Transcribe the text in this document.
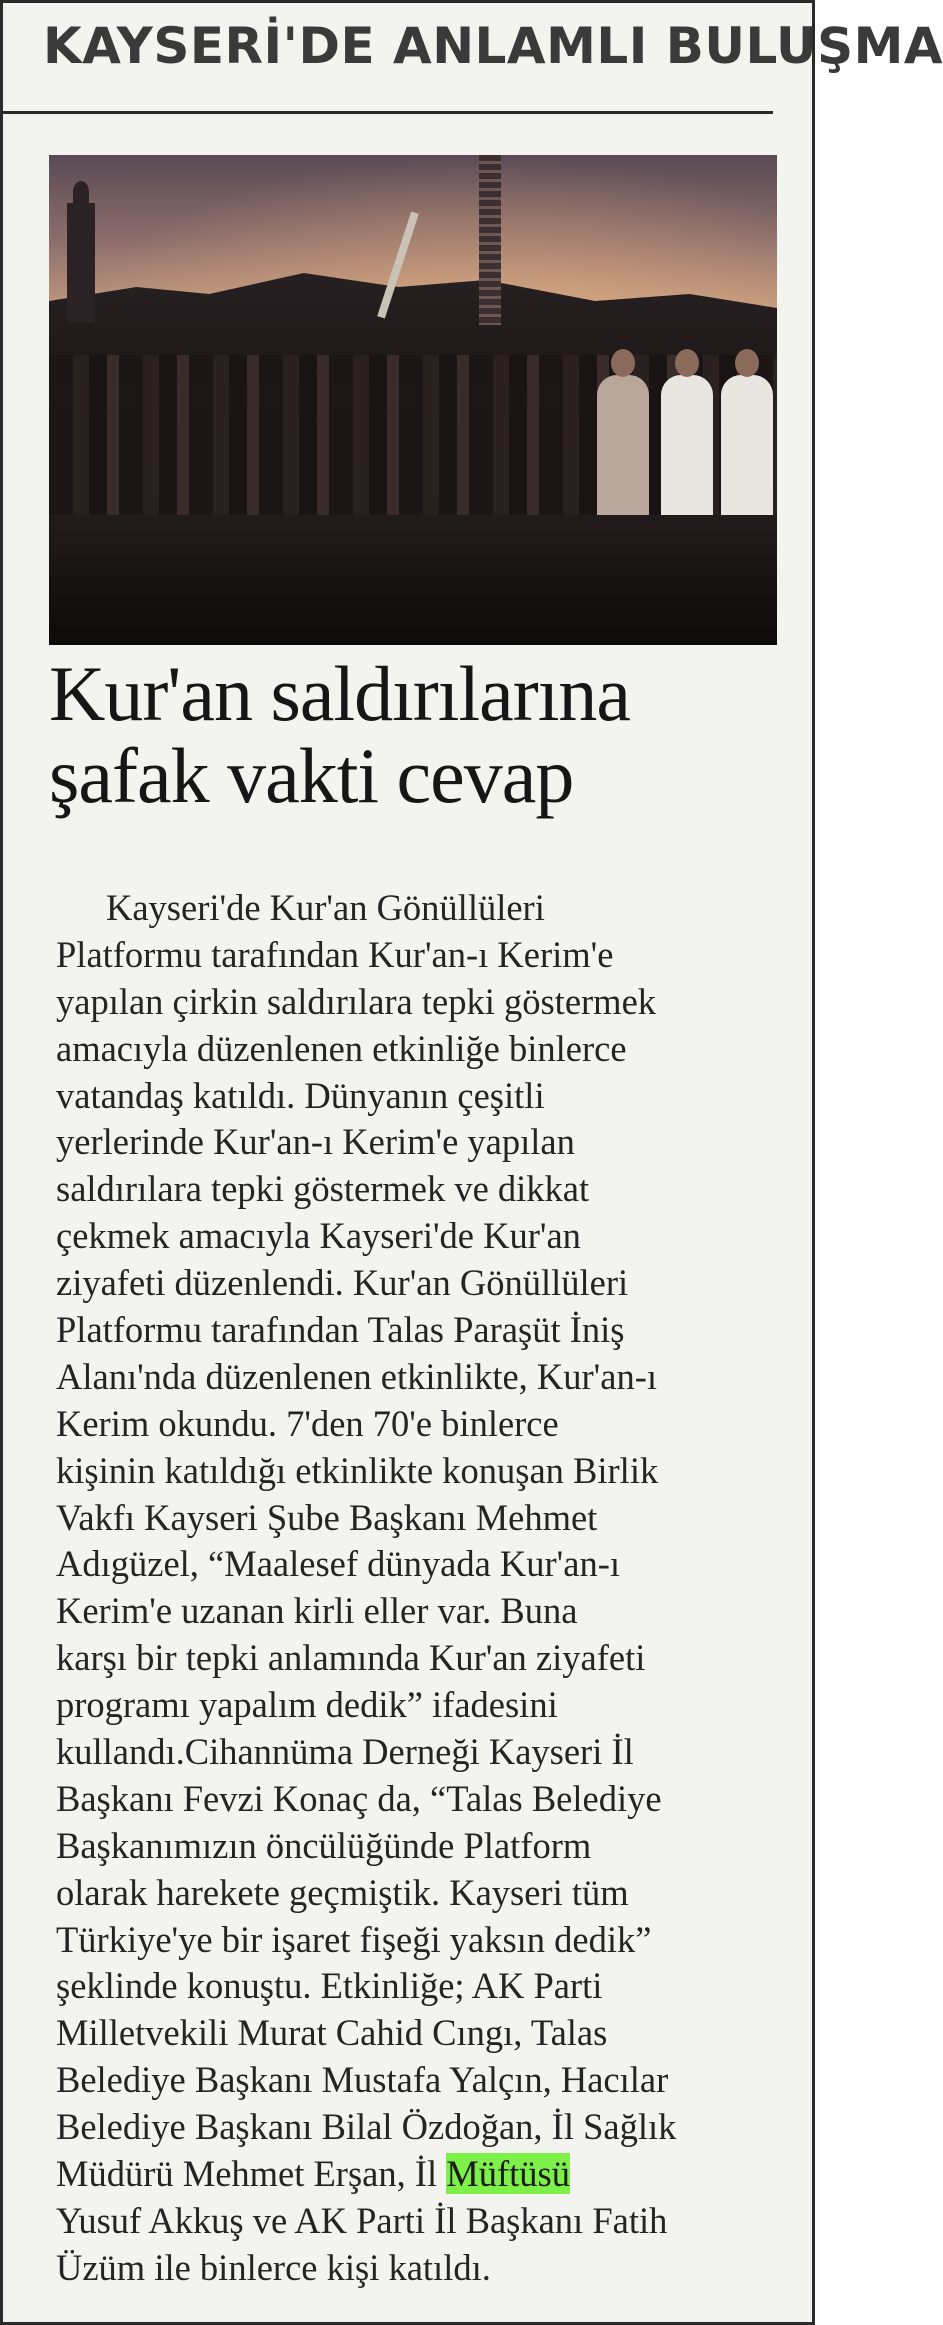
KAYSERİ'DE ANLAMLI BULUŞMA
Kur'an saldırılarına
şafak vakti cevap
Kayseri'de Kur'an Gönüllüleri
Platformu tarafından Kur'an-ı Kerim'e
yapılan çirkin saldırılara tepki göstermek
amacıyla düzenlenen etkinliğe binlerce
vatandaş katıldı. Dünyanın çeşitli
yerlerinde Kur'an-ı Kerim'e yapılan
saldırılara tepki göstermek ve dikkat
çekmek amacıyla Kayseri'de Kur'an
ziyafeti düzenlendi. Kur'an Gönüllüleri
Platformu tarafından Talas Paraşüt İniş
Alanı'nda düzenlenen etkinlikte, Kur'an-ı
Kerim okundu. 7'den 70'e binlerce
kişinin katıldığı etkinlikte konuşan Birlik
Vakfı Kayseri Şube Başkanı Mehmet
Adıgüzel, “Maalesef dünyada Kur'an-ı
Kerim'e uzanan kirli eller var. Buna
karşı bir tepki anlamında Kur'an ziyafeti
programı yapalım dedik” ifadesini
kullandı.Cihannüma Derneği Kayseri İl
Başkanı Fevzi Konaç da, “Talas Belediye
Başkanımızın öncülüğünde Platform
olarak harekete geçmiştik. Kayseri tüm
Türkiye'ye bir işaret fişeği yaksın dedik”
şeklinde konuştu. Etkinliğe; AK Parti
Milletvekili Murat Cahid Cıngı, Talas
Belediye Başkanı Mustafa Yalçın, Hacılar
Belediye Başkanı Bilal Özdoğan, İl Sağlık
Müdürü Mehmet Erşan, İl Müftüsü
Yusuf Akkuş ve AK Parti İl Başkanı Fatih
Üzüm ile binlerce kişi katıldı.
